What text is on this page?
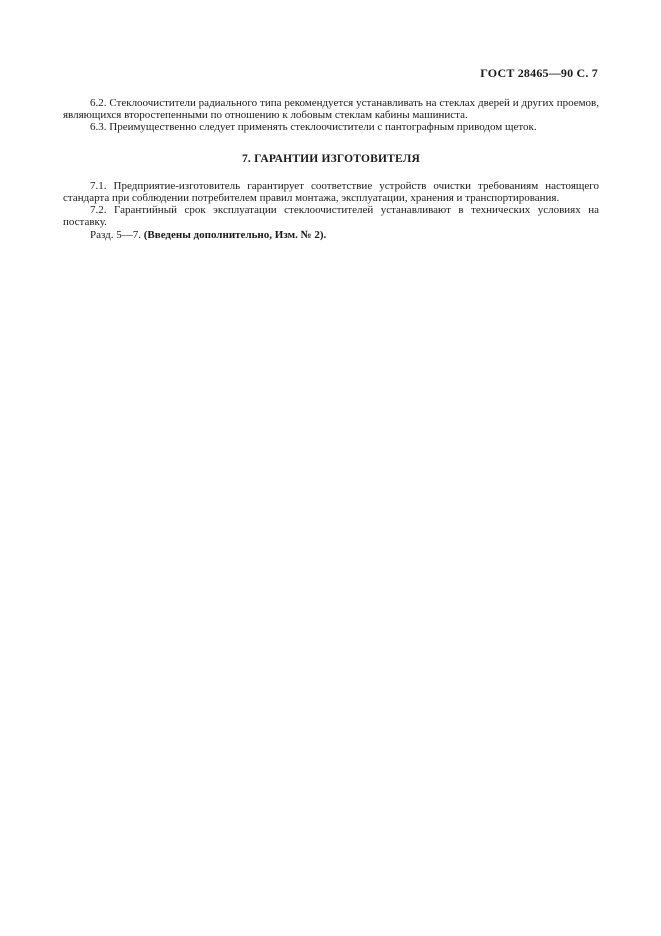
ГОСТ 28465—90 С. 7

6.2. Стеклоочистители радиального типа рекомендуется устанавливать на стеклах дверей и других проемов, являющихся второстепенными по отношению к лобовым стеклам кабины машиниста.

6.3. Преимущественно следует применять стеклоочистители с пантографным приводом щеток.

7. ГАРАНТИИ ИЗГОТОВИТЕЛЯ

7.1. Предприятие-изготовитель гарантирует соответствие устройств очистки требованиям настоящего стандарта при соблюдении потребителем правил монтажа, эксплуатации, хранения и транспортирования.

7.2. Гарантийный срок эксплуатации стеклоочистителей устанавливают в технических условиях на поставку.

Разд. 5—7. (Введены дополнительно, Изм. № 2).
